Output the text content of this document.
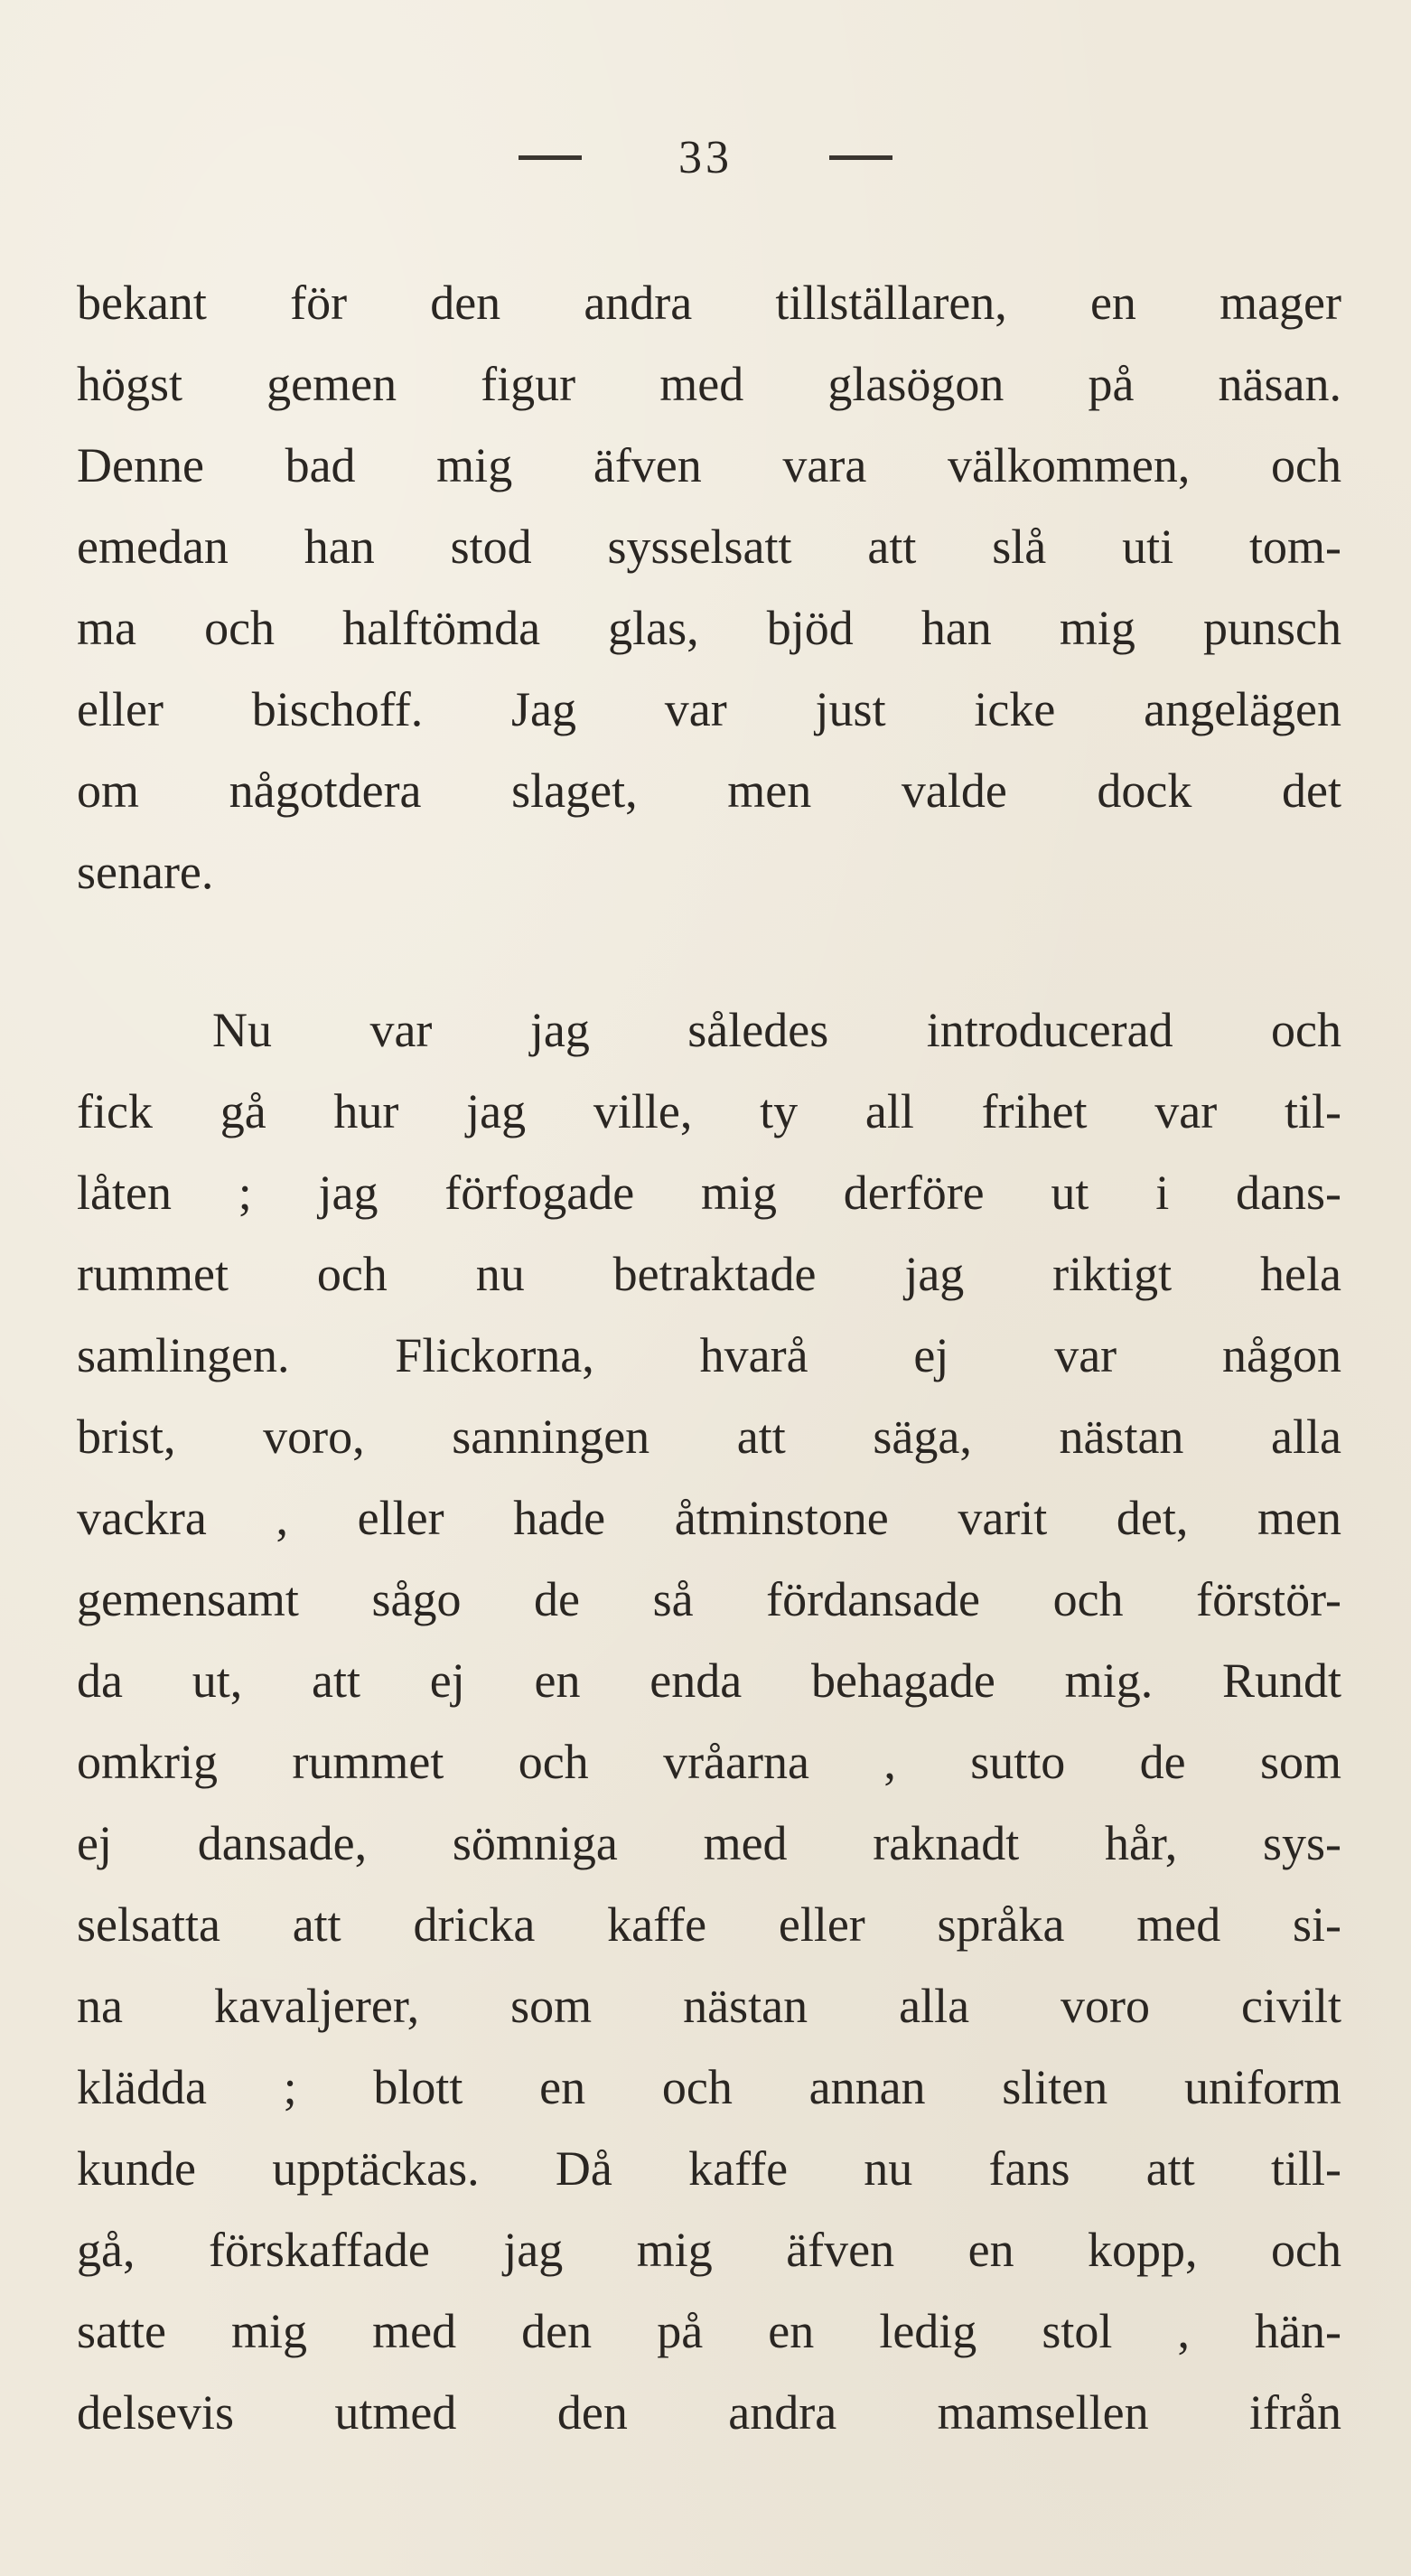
33
bekant för den andra tillställaren, en mager
högst gemen figur med glasögon på näsan.
Denne bad mig äfven vara välkommen, och
emedan han stod sysselsatt att slå uti tom-
ma och halftömda glas, bjöd han mig punsch
eller bischoff. Jag var just icke angelägen
om någotdera slaget, men valde dock det
senare.
Nu var jag således introducerad och
fick gå hur jag ville, ty all frihet var til-
låten ; jag förfogade mig derföre ut i dans-
rummet och nu betraktade jag riktigt hela
samlingen. Flickorna, hvarå ej var någon
brist, voro, sanningen att säga, nästan alla
vackra , eller hade åtminstone varit det, men
gemensamt sågo de så fördansade och förstör-
da ut, att ej en enda behagade mig. Rundt
omkrig rummet och vråarna , sutto de som
ej dansade, sömniga med raknadt hår, sys-
selsatta att dricka kaffe eller språka med si-
na kavaljerer, som nästan alla voro civilt
klädda ; blott en och annan sliten uniform
kunde upptäckas. Då kaffe nu fans att till-
gå, förskaffade jag mig äfven en kopp, och
satte mig med den på en ledig stol , hän-
delsevis utmed den andra mamsellen ifrån
